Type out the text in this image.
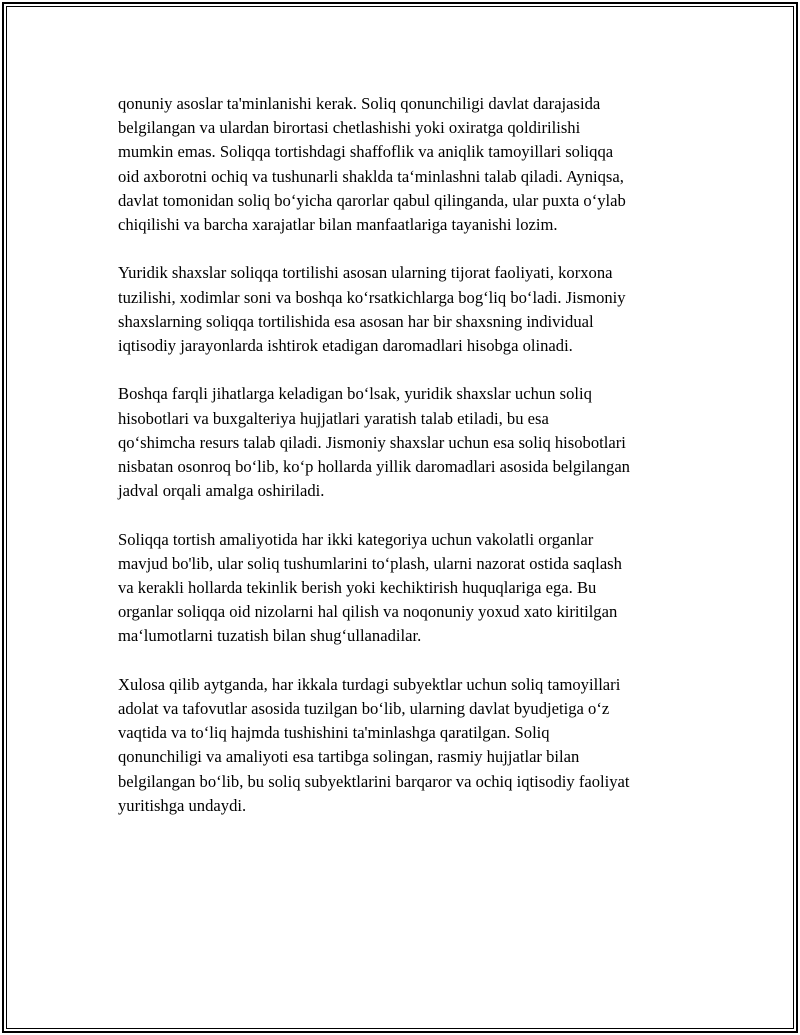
qonuniy asoslar ta'minlanishi kerak. Soliq qonunchiligi davlat darajasida
belgilangan va ulardan birortasi chetlashishi yoki oxiratga qoldirilishi
mumkin emas. Soliqqa tortishdagi shaffoflik va aniqlik tamoyillari soliqqa
oid axborotni ochiq va tushunarli shaklda ta‘minlashni talab qiladi. Ayniqsa,
davlat tomonidan soliq bo‘yicha qarorlar qabul qilinganda, ular puxta o‘ylab
chiqilishi va barcha xarajatlar bilan manfaatlariga tayanishi lozim.

Yuridik shaxslar soliqqa tortilishi asosan ularning tijorat faoliyati, korxona
tuzilishi, xodimlar soni va boshqa ko‘rsatkichlarga bog‘liq bo‘ladi. Jismoniy
shaxslarning soliqqa tortilishida esa asosan har bir shaxsning individual
iqtisodiy jarayonlarda ishtirok etadigan daromadlari hisobga olinadi.

Boshqa farqli jihatlarga keladigan bo‘lsak, yuridik shaxslar uchun soliq
hisobotlari va buxgalteriya hujjatlari yaratish talab etiladi, bu esa
qo‘shimcha resurs talab qiladi. Jismoniy shaxslar uchun esa soliq hisobotlari
nisbatan osonroq bo‘lib, ko‘p hollarda yillik daromadlari asosida belgilangan
jadval orqali amalga oshiriladi.

Soliqqa tortish amaliyotida har ikki kategoriya uchun vakolatli organlar
mavjud bo'lib, ular soliq tushumlarini to‘plash, ularni nazorat ostida saqlash
va kerakli hollarda tekinlik berish yoki kechiktirish huquqlariga ega. Bu
organlar soliqqa oid nizolarni hal qilish va noqonuniy yoxud xato kiritilgan
ma‘lumotlarni tuzatish bilan shug‘ullanadilar.

Xulosa qilib aytganda, har ikkala turdagi subyektlar uchun soliq tamoyillari
adolat va tafovutlar asosida tuzilgan bo‘lib, ularning davlat byudjetiga o‘z
vaqtida va to‘liq hajmda tushishini ta'minlashga qaratilgan. Soliq
qonunchiligi va amaliyoti esa tartibga solingan, rasmiy hujjatlar bilan
belgilangan bo‘lib, bu soliq subyektlarini barqaror va ochiq iqtisodiy faoliyat
yuritishga undaydi.
